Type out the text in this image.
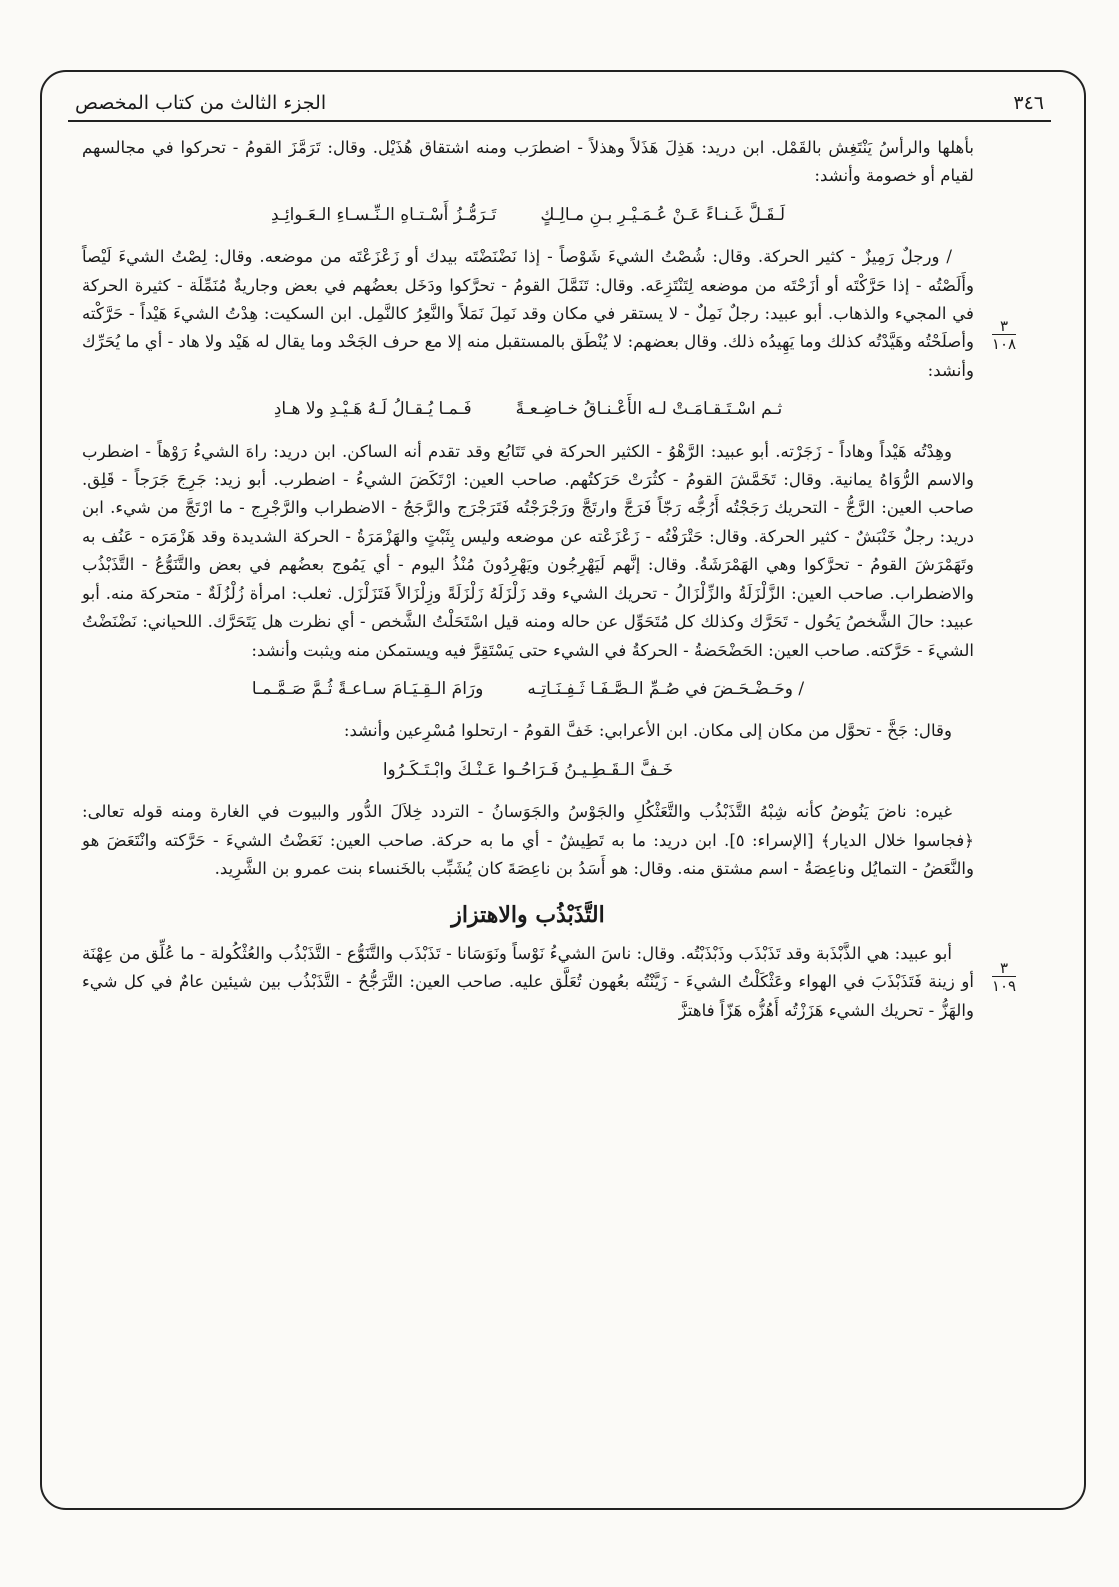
٣٤٦
الجزء الثالث من كتاب المخصص
٣
١٠٨
٣
١٠٩

بأهلها والرأسُ يَنْتَغِش بالقَمْل. ابن دريد: هَذِلَ هَذَلاً وهذلاً - اضطرَب ومنه اشتقاق هُذَيْل. وقال: تَرَمَّزَ القومُ - تحركوا في مجالسهم لقيام أو خصومة وأنشد:

لَـقَـلَّ غَـنـاءً عَـنْ عُـمَـيْـرِ بـنِ مـالِـكٍ
تَـرَمُّـزُ أَسْـتـاهِ الـنِّـسـاءِ الـعَـوائِـدِ

/ ورجلٌ رَمِيزٌ - كثير الحركة. وقال: شُصْتُ الشيءَ شَوْصاً - إذا نَضْنَضْتَه بيدك أو زَعْزَعْتَه من موضعه. وقال: لِصْتُ الشيءَ لَيْصاً وأَلَصْتُه - إذا حَرَّكْتَه أو أزَحْتَه من موضعه لِتَنْتَزِعَه. وقال: تَنَمَّلَ القومُ - تحرَّكوا ودَخَل بعضُهم في بعض وجاريةٌ مُنَمِّلَة - كثيرة الحركة في المجيء والذهاب. أبو عبيد: رجلٌ نَمِلٌ - لا يستقر في مكان وقد نَمِلَ نَمَلاً والنَّعِرُ كالنَّمِل. ابن السكيت: هِدْتُ الشيءَ هَيْداً - حَرَّكْته وأصلَحْتُه وهَيَّدْتُه كذلك وما يَهِيدُه ذلك. وقال بعضهم: لا يُنْطَق بالمستقبل منه إلا مع حرف الجَحْد وما يقال له هَيْد ولا هاد - أي ما يُحَرِّك وأنشد:

ثـم اسْـتَـقـامَـتْ لـه الأَعْـنـاقُ خـاضِـعـةً
فَـمـا يُـقـالُ لَـهُ هَـيْـدِ ولا هـادِ

وهِدْتُه هَيْداً وهاداً - زَجَرْته. أبو عبيد: الرَّهْوُ - الكثير الحركة في تَتَابُع وقد تقدم أنه الساكن. ابن دريد: راهَ الشيءُ رَوْهاً - اضطرب والاسم الرُّوَاهُ يمانية. وقال: تَخَمَّشَ القومُ - كثُرَتْ حَرَكتُهم. صاحب العين: ارْتَكَضَ الشيءُ - اضطرب. أبو زيد: جَرِجَ جَرَجاً - قَلِق. صاحب العين: الرَّجُّ - التحريك رَجَجْتُه أَرُجُّه رَجّاً فَرَجَّ وارتَجَّ ورَجْرَجْتُه فَتَرَجْرَج والرَّجَجُ - الاضطراب والرَّجْرِج - ما ارْتَجَّ من شيء. ابن دريد: رجلٌ خَنْبَشٌ - كثير الحركة. وقال: حَتْرَفْتُه - زَعْزَعْته عن موضعه وليس بِثَبْتٍ والهَزْمَرَةُ - الحركة الشديدة وقد هَزْمَرَه - عَنُف به وتَهَمْرَشَ القومُ - تحرَّكوا وهي الهَمْرَشَةُ. وقال: إنَّهم لَيَهْرِجُون ويَهْرِدُونَ مُنْذُ اليوم - أي يَمُوج بعضُهم في بعض والتَّنَوُّعُ - التَّذَبْذُب والاضطراب. صاحب العين: الزَّلْزَلَةُ والزِّلْزَالُ - تحريك الشيء وقد زَلْزَلَهُ زَلْزَلَةً وزِلْزَالاً فَتَزَلْزَل. ثعلب: امرأة زُلْزُلَةٌ - متحركة منه. أبو عبيد: حالَ الشَّخصُ يَحُول - تَحَرَّك وكذلك كل مُتَحَوِّل عن حاله ومنه قيل اسْتَحَلْتُ الشَّخص - أي نظرت هل يَتَحَرَّك. اللحياني: نَضْنَضْتُ الشيءَ - حَرَّكته. صاحب العين: الحَضْحَضةُ - الحركةُ في الشيء حتى يَسْتَقِرَّ فيه ويستمكن منه ويثبت وأنشد:

/ وحَـضْـحَـضَ في صُـمِّ الـصَّـفَـا ثَـفِـنَـاتِـه
ورَامَ الـقِـيَـامَ سـاعـةً ثُـمَّ صَـمَّـمـا

وقال: جَخَّ - تحوَّل من مكان إلى مكان. ابن الأعرابي: خَفَّ القومُ - ارتحلوا مُسْرِعين وأنشد:

خَـفَّ الـقَـطِـيـنُ فَـرَاحُـوا عَـنْـكَ وابْـتَـكَـرُوا

غيره: ناضَ يَنُوضُ كأنه شِبْهُ التَّذَبْذُب والتَّعَثْكُلِ والجَوْسُ والجَوَسانُ - التردد خِلاَلَ الدُّور والبيوت في الغارة ومنه قوله تعالى: ﴿فجاسوا خلال الديار﴾ [الإسراء: ٥]. ابن دريد: ما به تَطِيشٌ - أي ما به حركة. صاحب العين: نَعَضْتُ الشيءَ - حَرَّكته وانْتَعَضَ هو والنَّعَضُ - التمايُل وناعِصَةُ - اسم مشتق منه. وقال: هو أَسَدُ بن ناعِصَةَ كان يُشَبِّب بالخَنساء بنت عمرو بن الشَّرِيد.

التَّذَبْذُب والاهتزاز

أبو عبيد: هي الذَّبْذَبة وقد تَذَبْذَب وذَبْذَبْتُه. وقال: ناسَ الشيءُ نَوْساً ونَوَسَانا - تَذَبْذَب والتَّنَوُّع - التَّذَبْذُب والعُثْكُولة - ما عُلِّق من عِهْنَة أو زينة فَتَذَبْذَبَ في الهواء وعَثْكَلْتُ الشيءَ - زَيَّنْتُه بعُهون تُعَلَّق عليه. صاحب العين: التَّرَجُّحُ - التَّذَبْذُب بين شيئين عامٌ في كل شيء والهَزُّ - تحريك الشيء هَزَزْتُه أَهُزُّه هَزّاً فاهتزَّ
